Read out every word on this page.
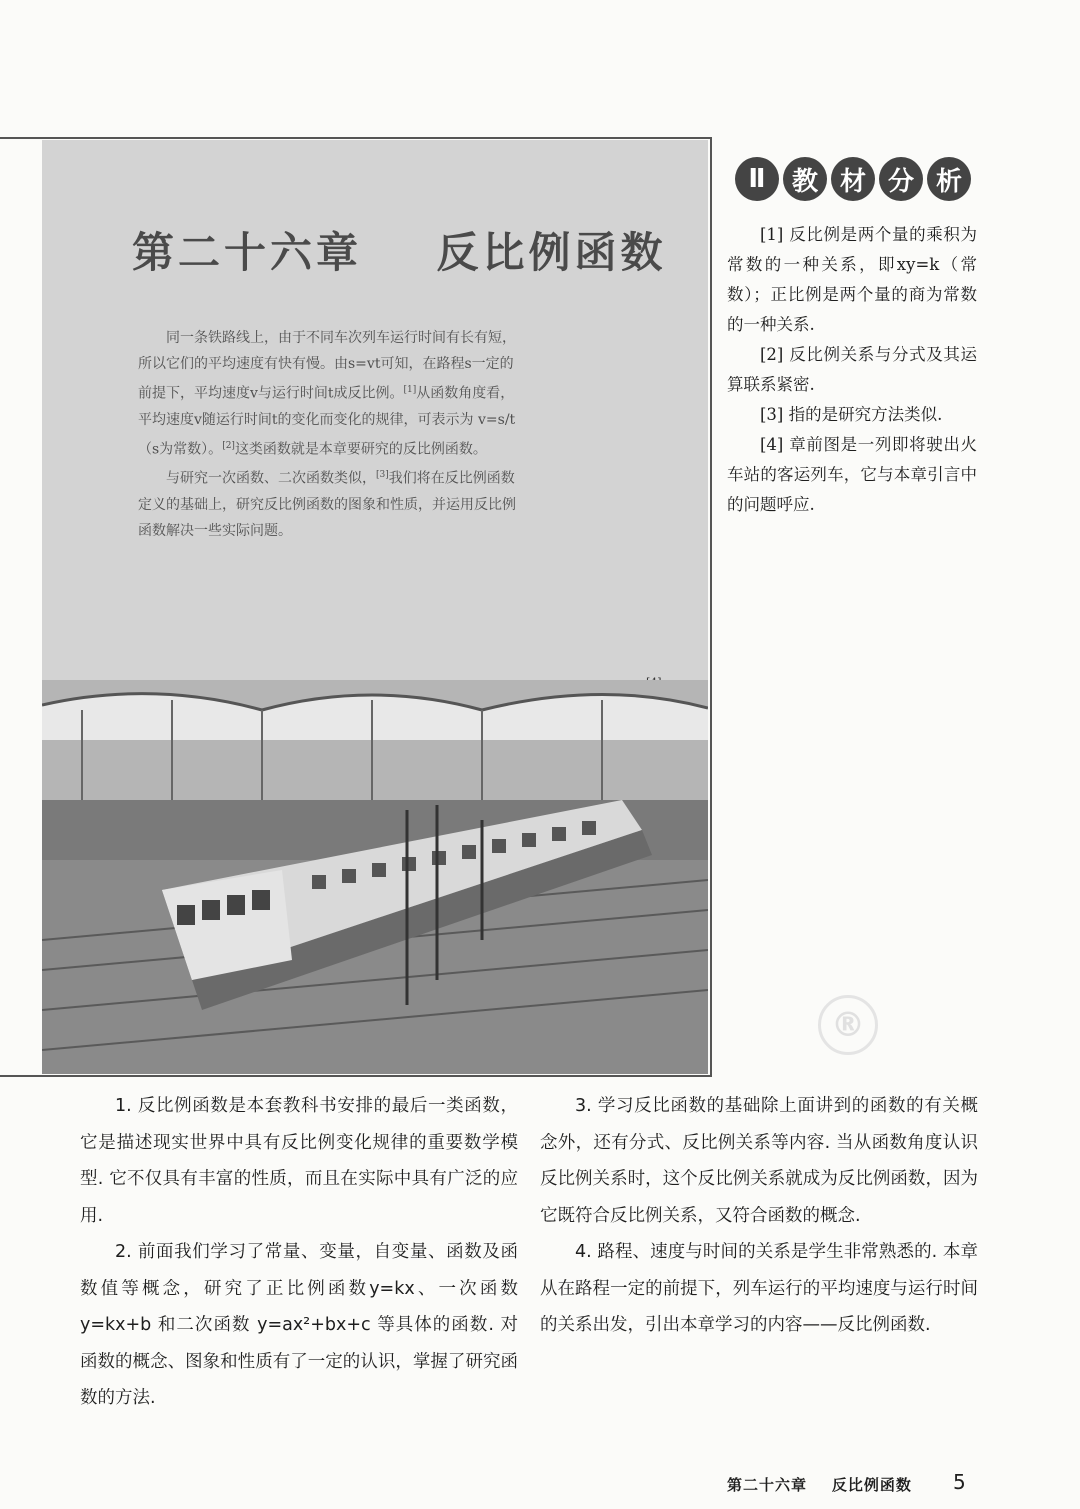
第二十六章    反比例函数

同一条铁路线上，由于不同车次列车运行时间有长有短，所以它们的平均速度有快有慢。由s=vt可知，在路程s一定的前提下，平均速度v与运行时间t成反比例。[1]从函数角度看，平均速度v随运行时间t的变化而变化的规律，可表示为 v=s/t（s为常数）。[2]这类函数就是本章要研究的反比例函数。

与研究一次函数、二次函数类似，[3]我们将在反比例函数定义的基础上，研究反比例函数的图象和性质，并运用反比例函数解决一些实际问题。

Ⅱ	教 材 分 析

[1] 反比例是两个量的乘积为常数的一种关系，即xy=k（常数）；正比例是两个量的商为常数的一种关系.

[2] 反比例关系与分式及其运算联系紧密.

[3] 指的是研究方法类似.

[4] 章前图是一列即将驶出火车站的客运列车，它与本章引言中的问题呼应.

®

1. 反比例函数是本套教科书安排的最后一类函数，它是描述现实世界中具有反比例变化规律的重要数学模型. 它不仅具有丰富的性质，而且在实际中具有广泛的应用.

2. 前面我们学习了常量、变量，自变量、函数及函数值等概念，研究了正比例函数y=kx、一次函数 y=kx+b 和二次函数 y=ax²+bx+c 等具体的函数. 对函数的概念、图象和性质有了一定的认识，掌握了研究函数的方法.

3. 学习反比函数的基础除上面讲到的函数的有关概念外，还有分式、反比例关系等内容. 当从函数角度认识反比例关系时，这个反比例关系就成为反比例函数，因为它既符合反比例关系，又符合函数的概念.

4. 路程、速度与时间的关系是学生非常熟悉的. 本章从在路程一定的前提下，列车运行的平均速度与运行时间的关系出发，引出本章学习的内容——反比例函数.

第二十六章    反比例函数 5
